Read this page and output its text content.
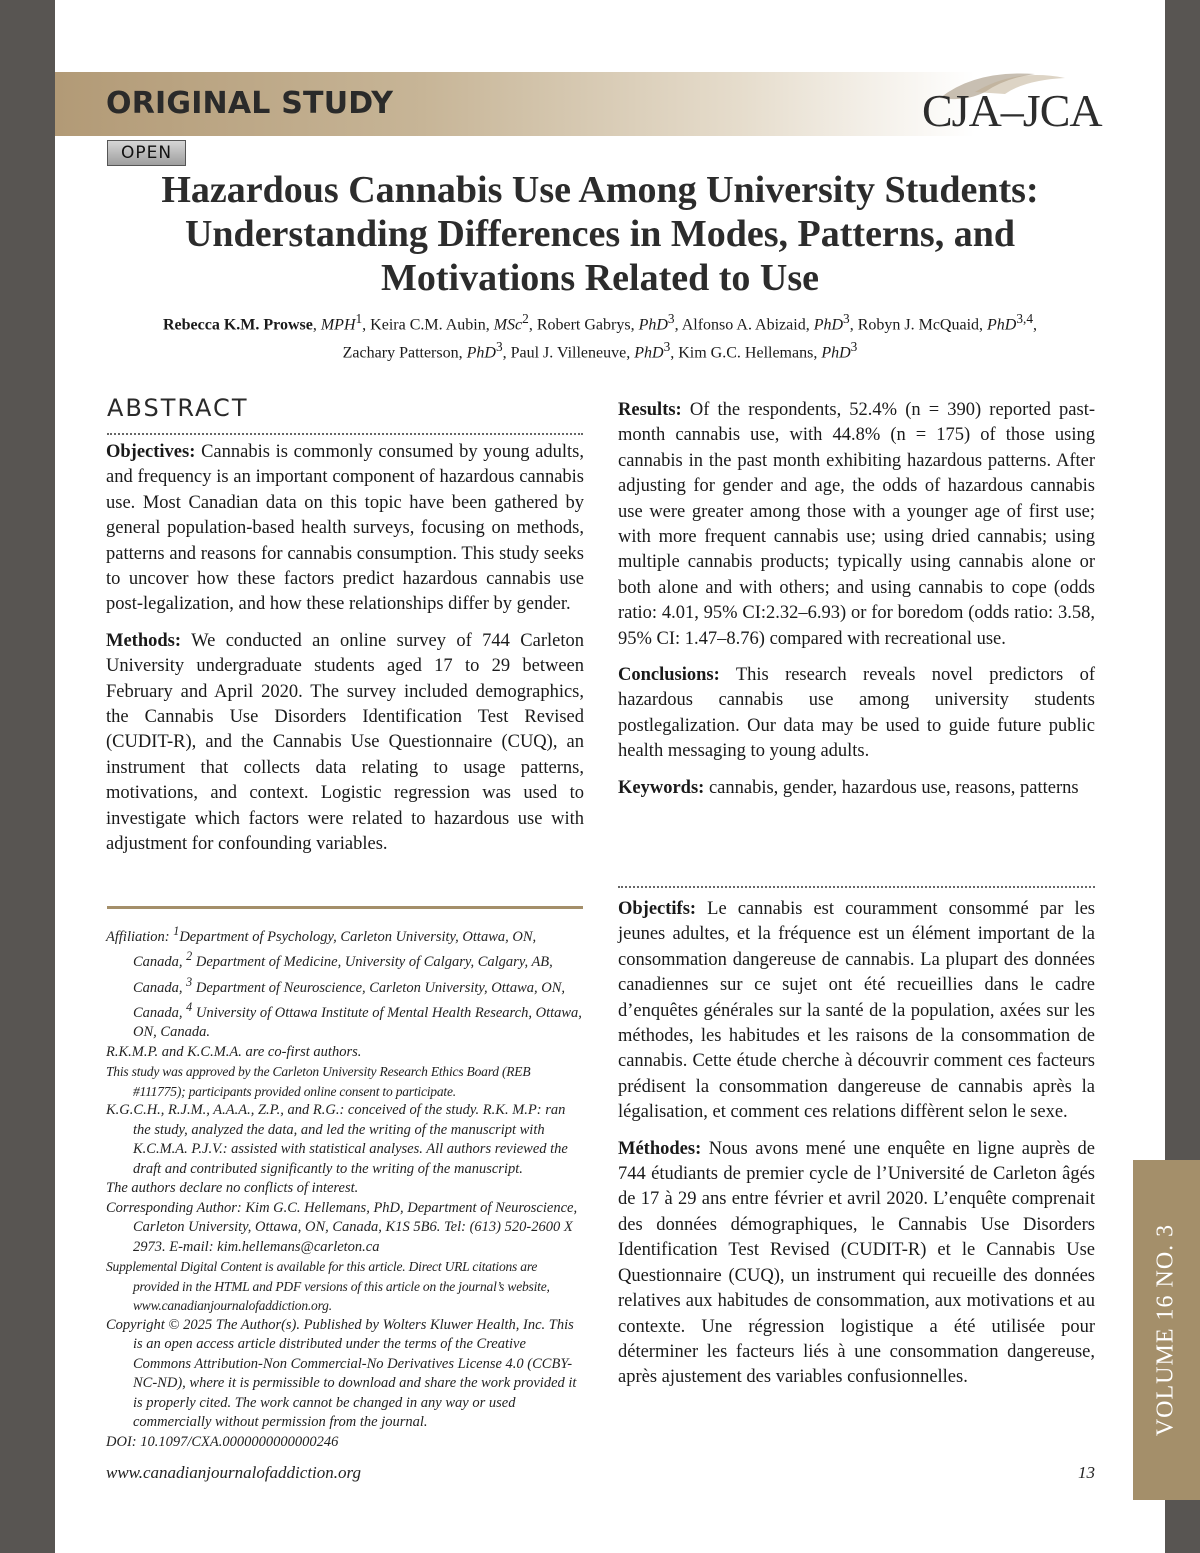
ORIGINAL STUDY	CJA–JCA
OPEN
Hazardous Cannabis Use Among University Students: Understanding Differences in Modes, Patterns, and Motivations Related to Use
Rebecca K.M. Prowse, MPH$^1$, Keira C.M. Aubin, MSc$^2$, Robert Gabrys, PhD$^3$, Alfonso A. Abizaid, PhD$^3$, Robyn J. McQuaid, PhD$^{3,4}$,
Zachary Patterson, PhD$^3$, Paul J. Villeneuve, PhD$^3$, Kim G.C. Hellemans, PhD$^3$
ABSTRACT

Objectives: Cannabis is commonly consumed by young adults, and frequency is an important component of hazardous cannabis use. Most Canadian data on this topic have been gathered by general population-based health surveys, focusing on methods, patterns and reasons for cannabis consumption. This study seeks to uncover how these factors predict hazardous cannabis use post-legalization, and how these relationships differ by gender.

Methods: We conducted an online survey of 744 Carleton University undergraduate students aged 17 to 29 between February and April 2020. The survey included demographics, the Cannabis Use Disorders Identification Test Revised (CUDIT-R), and the Cannabis Use Questionnaire (CUQ), an instrument that collects data relating to usage patterns, motivations, and context. Logistic regression was used to investigate which factors were related to hazardous use with adjustment for confounding variables.

Results: Of the respondents, 52.4% (n = 390) reported past-month cannabis use, with 44.8% (n = 175) of those using cannabis in the past month exhibiting hazardous patterns. After adjusting for gender and age, the odds of hazardous cannabis use were greater among those with a younger age of first use; with more frequent cannabis use; using dried cannabis; using multiple cannabis products; typically using cannabis alone or both alone and with others; and using cannabis to cope (odds ratio: 4.01, 95% CI:2.32–6.93) or for boredom (odds ratio: 3.58, 95% CI: 1.47–8.76) compared with recreational use.

Conclusions: This research reveals novel predictors of hazardous cannabis use among university students postlegalization. Our data may be used to guide future public health messaging to young adults.

Keywords: cannabis, gender, hazardous use, reasons, patterns

Objectifs: Le cannabis est couramment consommé par les jeunes adultes, et la fréquence est un élément important de la consommation dangereuse de cannabis. La plupart des données canadiennes sur ce sujet ont été recueillies dans le cadre d’enquêtes générales sur la santé de la population, axées sur les méthodes, les habitudes et les raisons de la consommation de cannabis. Cette étude cherche à découvrir comment ces facteurs prédisent la consommation dangereuse de cannabis après la légalisation, et comment ces relations diffèrent selon le sexe.

Méthodes: Nous avons mené une enquête en ligne auprès de 744 étudiants de premier cycle de l’Université de Carleton âgés de 17 à 29 ans entre février et avril 2020. L’enquête comprenait des données démographiques, le Cannabis Use Disorders Identification Test Revised (CUDIT-R) et le Cannabis Use Questionnaire (CUQ), un instrument qui recueille des données relatives aux habitudes de consommation, aux motivations et au contexte. Une régression logistique a été utilisée pour déterminer les facteurs liés à une consommation dangereuse, après ajustement des variables confusionnelles.

Affiliation: $^1$Department of Psychology, Carleton University, Ottawa, ON, Canada, $^2$ Department of Medicine, University of Calgary, Calgary, AB, Canada, $^3$ Department of Neuroscience, Carleton University, Ottawa, ON, Canada, $^4$ University of Ottawa Institute of Mental Health Research, Ottawa, ON, Canada.

R.K.M.P. and K.C.M.A. are co-first authors.

This study was approved by the Carleton University Research Ethics Board (REB #111775); participants provided online consent to participate.

K.G.C.H., R.J.M., A.A.A., Z.P., and R.G.: conceived of the study. R.K. M.P: ran the study, analyzed the data, and led the writing of the manuscript with K.C.M.A. P.J.V.: assisted with statistical analyses. All authors reviewed the draft and contributed significantly to the writing of the manuscript.

The authors declare no conflicts of interest.

Corresponding Author: Kim G.C. Hellemans, PhD, Department of Neuroscience, Carleton University, Ottawa, ON, Canada, K1S 5B6. Tel: (613) 520-2600 X 2973. E-mail: kim.hellemans@carleton.ca

Supplemental Digital Content is available for this article. Direct URL citations are provided in the HTML and PDF versions of this article on the journal’s website, www.canadianjournalofaddiction.org.

Copyright © 2025 The Author(s). Published by Wolters Kluwer Health, Inc. This is an open access article distributed under the terms of the Creative Commons Attribution-Non Commercial-No Derivatives License 4.0 (CCBY-NC-ND), where it is permissible to download and share the work provided it is properly cited. The work cannot be changed in any way or used commercially without permission from the journal.

DOI: 10.1097/CXA.0000000000000246

www.canadianjournalofaddiction.org	13
VOLUME 16 NO. 3
